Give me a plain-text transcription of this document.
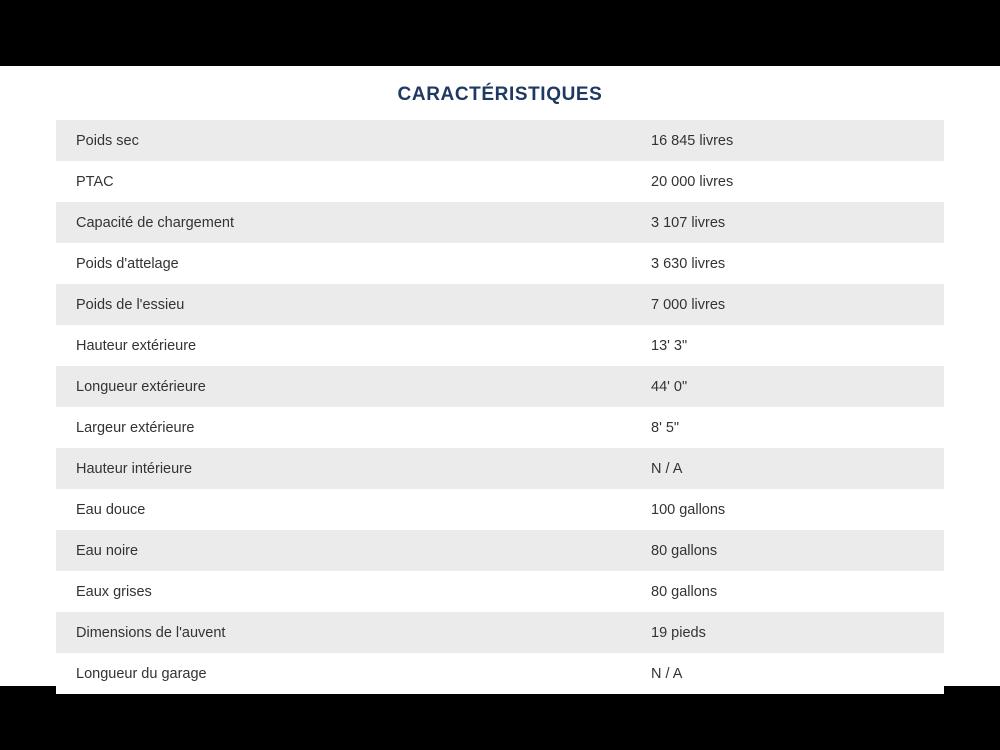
CARACTÉRISTIQUES
Poids sec	16 845 livres
PTAC	20 000 livres
Capacité de chargement	3 107 livres
Poids d'attelage	3 630 livres
Poids de l'essieu	7 000 livres
Hauteur extérieure	13' 3"
Longueur extérieure	44' 0"
Largeur extérieure	8' 5"
Hauteur intérieure	N / A
Eau douce	100 gallons
Eau noire	80 gallons
Eaux grises	80 gallons
Dimensions de l'auvent	19 pieds
Longueur du garage	N / A
